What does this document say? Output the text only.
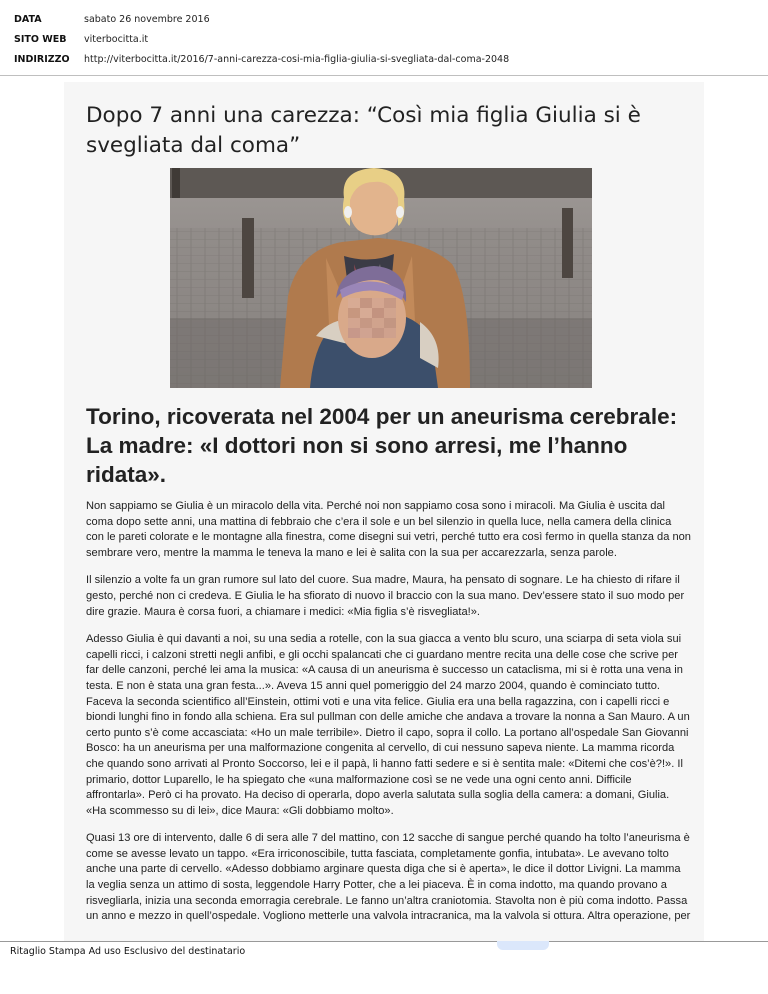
DATA	sabato 26 novembre 2016
SITO WEB	viterbocitta.it
INDIRIZZO	http://viterbocitta.it/2016/7-anni-carezza-cosi-mia-figlia-giulia-si-svegliata-dal-coma-2048
Dopo 7 anni una carezza: “Così mia figlia Giulia si è svegliata dal coma”
Torino, ricoverata nel 2004 per un aneurisma cerebrale: La madre: «I dottori non si sono arresi, me l’hanno ridata».

Non sappiamo se Giulia è un miracolo della vita. Perché noi non sappiamo cosa sono i miracoli. Ma Giulia è uscita dal coma dopo sette anni, una mattina di febbraio che c’era il sole e un bel silenzio in quella luce, nella camera della clinica con le pareti colorate e le montagne alla finestra, come disegni sui vetri, perché tutto era così fermo in quella stanza da non sembrare vero, mentre la mamma le teneva la mano e lei è salita con la sua per accarezzarla, senza parole.

Il silenzio a volte fa un gran rumore sul lato del cuore. Sua madre, Maura, ha pensato di sognare. Le ha chiesto di rifare il gesto, perché non ci credeva. E Giulia le ha sfiorato di nuovo il braccio con la sua mano. Dev’essere stato il suo modo per dire grazie. Maura è corsa fuori, a chiamare i medici: «Mia figlia s’è risvegliata!».

Adesso Giulia è qui davanti a noi, su una sedia a rotelle, con la sua giacca a vento blu scuro, una sciarpa di seta viola sui capelli ricci, i calzoni stretti negli anfibi, e gli occhi spalancati che ci guardano mentre recita una delle cose che scrive per far delle canzoni, perché lei ama la musica: «A causa di un aneurisma è successo un cataclisma, mi si è rotta una vena in testa. E non è stata una gran festa...». Aveva 15 anni quel pomeriggio del 24 marzo 2004, quando è cominciato tutto. Faceva la seconda scientifico all’Einstein, ottimi voti e una vita felice. Giulia era una bella ragazzina, con i capelli ricci e biondi lunghi fino in fondo alla schiena. Era sul pullman con delle amiche che andava a trovare la nonna a San Mauro. A un certo punto s’è come accasciata: «Ho un male terribile». Dietro il capo, sopra il collo. La portano all’ospedale San Giovanni Bosco: ha un aneurisma per una malformazione congenita al cervello, di cui nessuno sapeva niente. La mamma ricorda che quando sono arrivati al Pronto Soccorso, lei e il papà, li hanno fatti sedere e si è sentita male: «Ditemi che cos’è?!». Il primario, dottor Luparello, le ha spiegato che «una malformazione così se ne vede una ogni cento anni. Difficile affrontarla». Però ci ha provato. Ha deciso di operarla, dopo averla salutata sulla soglia della camera: a domani, Giulia. «Ha scommesso su di lei», dice Maura: «Gli dobbiamo molto».

Quasi 13 ore di intervento, dalle 6 di sera alle 7 del mattino, con 12 sacche di sangue perché quando ha tolto l’aneurisma è come se avesse levato un tappo. «Era irriconoscibile, tutta fasciata, completamente gonfia, intubata». Le avevano tolto anche una parte di cervello. «Adesso dobbiamo arginare questa diga che si è aperta», le dice il dottor Livigni. La mamma la veglia senza un attimo di sosta, leggendole Harry Potter, che a lei piaceva. È in coma indotto, ma quando provano a risvegliarla, inizia una seconda emorragia cerebrale. Le fanno un’altra craniotomia. Stavolta non è più coma indotto. Passa un anno e mezzo in quell’ospedale. Vogliono metterle una valvola intracranica, ma la valvola si ottura. Altra operazione, per

Ritaglio Stampa Ad uso Esclusivo del destinatario
